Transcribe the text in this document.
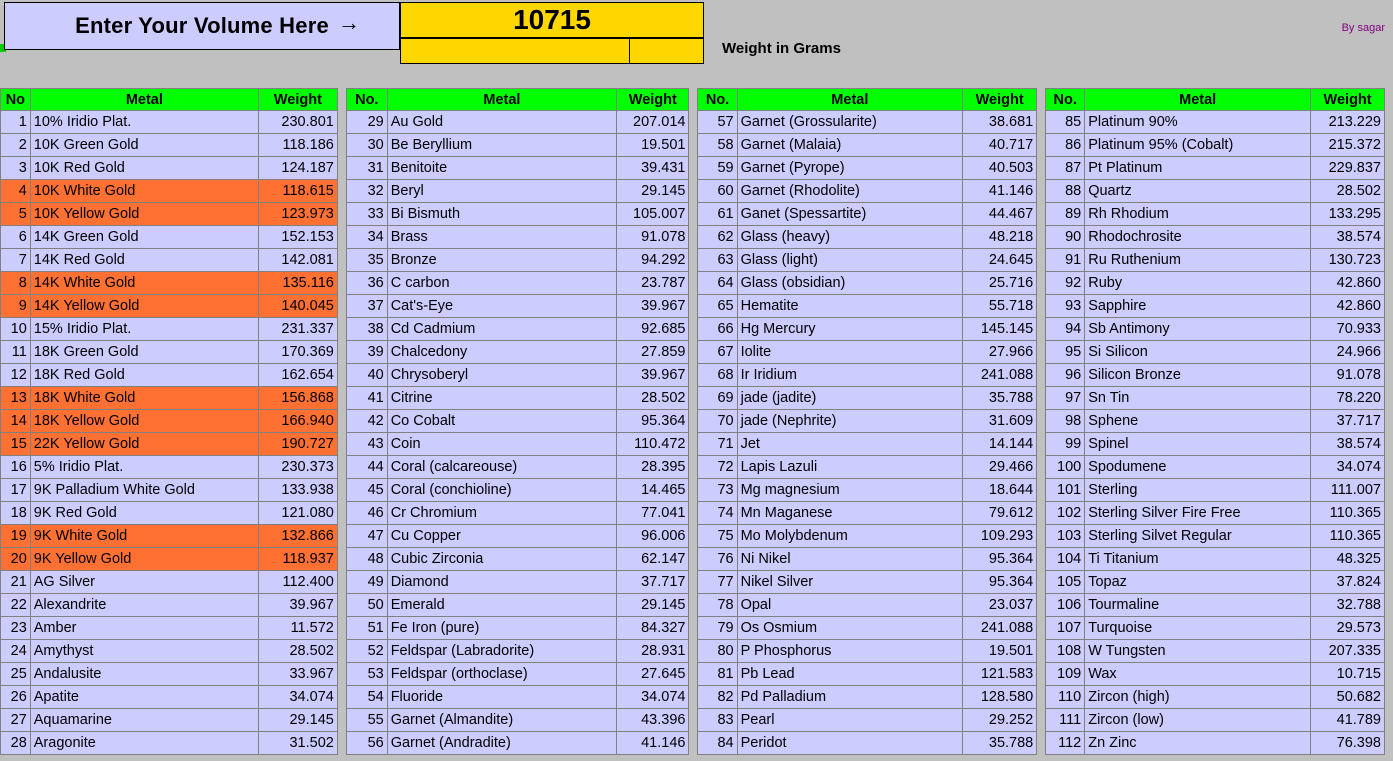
Enter Your Volume Here →	10715
Weight in Grams
By sagar
No	Metal	Weight
1	10% Iridio Plat.	230.801
2	10K Green Gold	118.186
3	10K Red Gold	124.187
4	10K White Gold	118.615
5	10K Yellow Gold	123.973
6	14K Green Gold	152.153
7	14K Red Gold	142.081
8	14K White Gold	135.116
9	14K Yellow Gold	140.045
10	15% Iridio Plat.	231.337
11	18K Green Gold	170.369
12	18K Red Gold	162.654
13	18K White Gold	156.868
14	18K Yellow Gold	166.940
15	22K Yellow Gold	190.727
16	5% Iridio Plat.	230.373
17	9K Palladium White Gold	133.938
18	9K Red Gold	121.080
19	9K White Gold	132.866
20	9K Yellow Gold	118.937
21	AG Silver	112.400
22	Alexandrite	39.967
23	Amber	11.572
24	Amythyst	28.502
25	Andalusite	33.967
26	Apatite	34.074
27	Aquamarine	29.145
28	Aragonite	31.502
No.	Metal	Weight
29	Au Gold	207.014
30	Be Beryllium	19.501
31	Benitoite	39.431
32	Beryl	29.145
33	Bi Bismuth	105.007
34	Brass	91.078
35	Bronze	94.292
36	C carbon	23.787
37	Cat's-Eye	39.967
38	Cd Cadmium	92.685
39	Chalcedony	27.859
40	Chrysoberyl	39.967
41	Citrine	28.502
42	Co Cobalt	95.364
43	Coin	110.472
44	Coral (calcareouse)	28.395
45	Coral (conchioline)	14.465
46	Cr Chromium	77.041
47	Cu Copper	96.006
48	Cubic Zirconia	62.147
49	Diamond	37.717
50	Emerald	29.145
51	Fe Iron (pure)	84.327
52	Feldspar (Labradorite)	28.931
53	Feldspar (orthoclase)	27.645
54	Fluoride	34.074
55	Garnet (Almandite)	43.396
56	Garnet (Andradite)	41.146
No.	Metal	Weight
57	Garnet (Grossularite)	38.681
58	Garnet (Malaia)	40.717
59	Garnet (Pyrope)	40.503
60	Garnet (Rhodolite)	41.146
61	Ganet (Spessartite)	44.467
62	Glass (heavy)	48.218
63	Glass (light)	24.645
64	Glass (obsidian)	25.716
65	Hematite	55.718
66	Hg Mercury	145.145
67	Iolite	27.966
68	Ir Iridium	241.088
69	jade (jadite)	35.788
70	jade (Nephrite)	31.609
71	Jet	14.144
72	Lapis Lazuli	29.466
73	Mg magnesium	18.644
74	Mn Maganese	79.612
75	Mo Molybdenum	109.293
76	Ni Nikel	95.364
77	Nikel Silver	95.364
78	Opal	23.037
79	Os Osmium	241.088
80	P Phosphorus	19.501
81	Pb Lead	121.583
82	Pd Palladium	128.580
83	Pearl	29.252
84	Peridot	35.788
No.	Metal	Weight
85	Platinum 90%	213.229
86	Platinum 95% (Cobalt)	215.372
87	Pt Platinum	229.837
88	Quartz	28.502
89	Rh Rhodium	133.295
90	Rhodochrosite	38.574
91	Ru Ruthenium	130.723
92	Ruby	42.860
93	Sapphire	42.860
94	Sb Antimony	70.933
95	Si Silicon	24.966
96	Silicon Bronze	91.078
97	Sn Tin	78.220
98	Sphene	37.717
99	Spinel	38.574
100	Spodumene	34.074
101	Sterling	111.007
102	Sterling Silver Fire Free	110.365
103	Sterling Silvet Regular	110.365
104	Ti Titanium	48.325
105	Topaz	37.824
106	Tourmaline	32.788
107	Turquoise	29.573
108	W Tungsten	207.335
109	Wax	10.715
110	Zircon (high)	50.682
111	Zircon (low)	41.789
112	Zn Zinc	76.398
